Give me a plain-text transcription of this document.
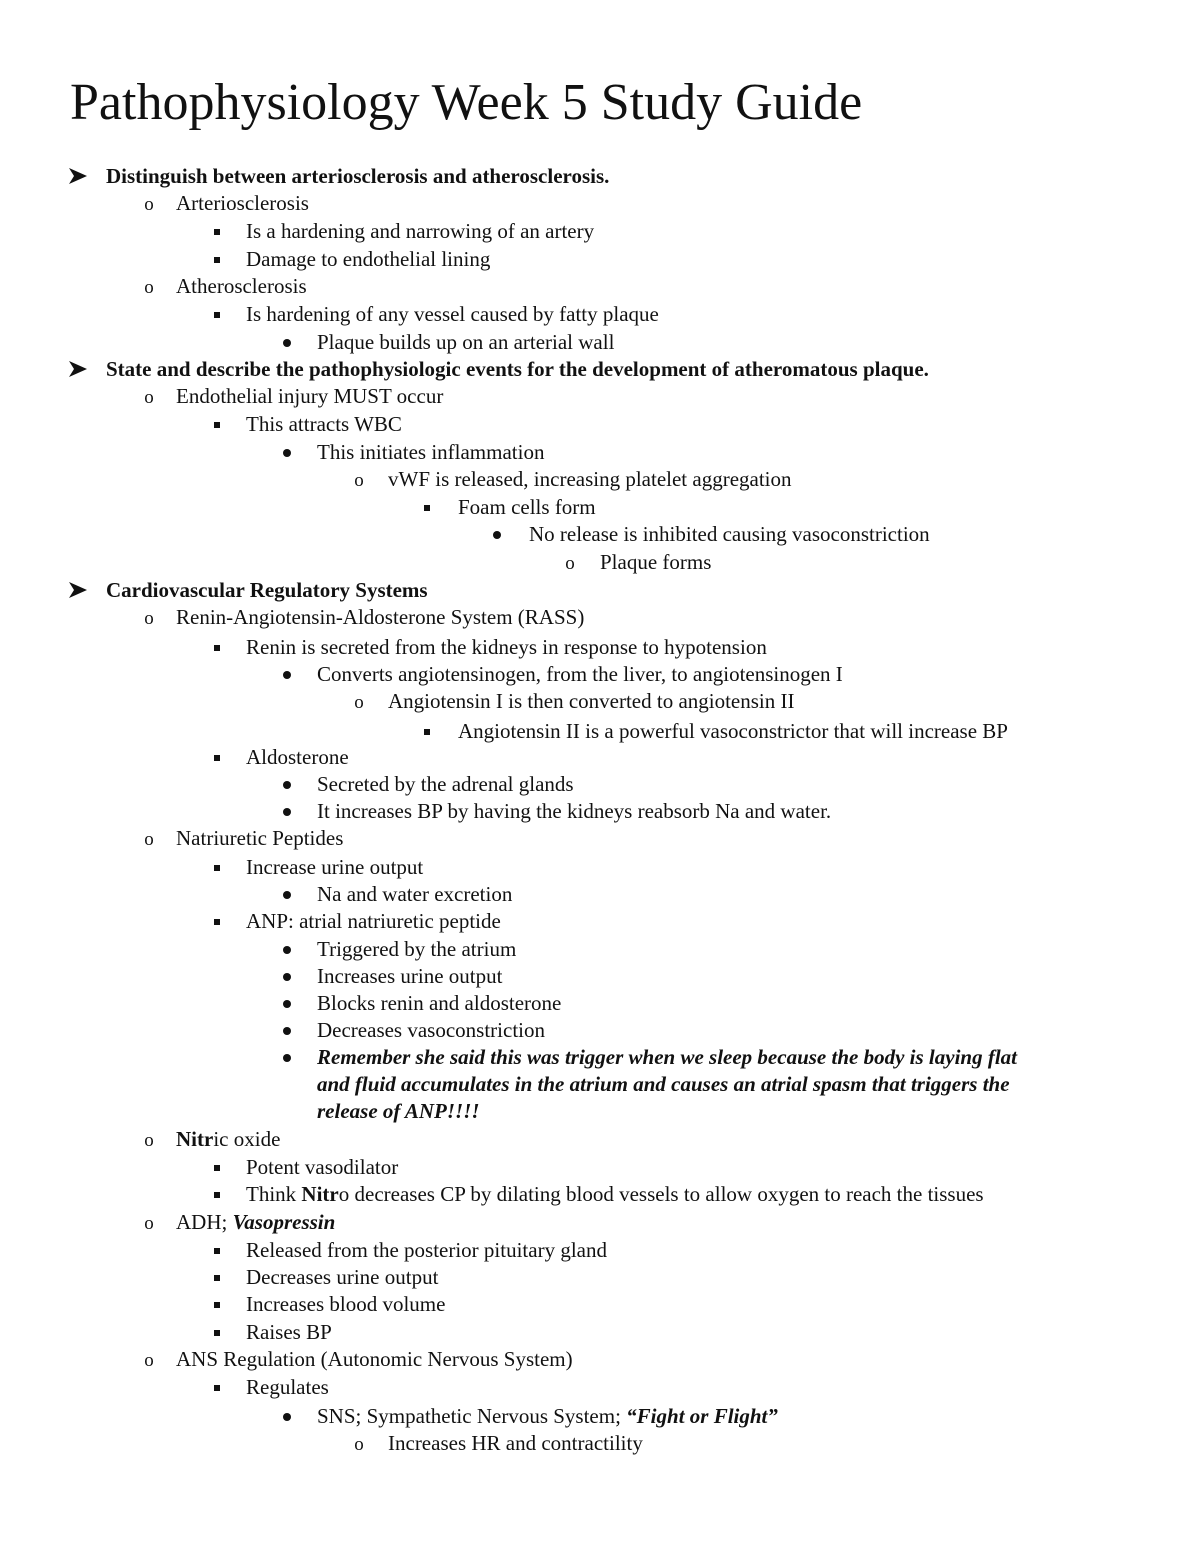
Pathophysiology Week 5 Study Guide
Distinguish between arteriosclerosis and atherosclerosis.
o Arteriosclerosis
Is a hardening and narrowing of an artery
Damage to endothelial lining
o Atherosclerosis
Is hardening of any vessel caused by fatty plaque
Plaque builds up on an arterial wall
State and describe the pathophysiologic events for the development of atheromatous plaque.
o Endothelial injury MUST occur
This attracts WBC
This initiates inflammation
o vWF is released, increasing platelet aggregation
Foam cells form
No release is inhibited causing vasoconstriction
o Plaque forms
Cardiovascular Regulatory Systems
o Renin-Angiotensin-Aldosterone System (RASS)
Renin is secreted from the kidneys in response to hypotension
Converts angiotensinogen, from the liver, to angiotensinogen I
o Angiotensin I is then converted to angiotensin II
Angiotensin II is a powerful vasoconstrictor that will increase BP
Aldosterone
Secreted by the adrenal glands
It increases BP by having the kidneys reabsorb Na and water.
o Natriuretic Peptides
Increase urine output
Na and water excretion
ANP: atrial natriuretic peptide
Triggered by the atrium
Increases urine output
Blocks renin and aldosterone
Decreases vasoconstriction
Remember she said this was trigger when we sleep because the body is laying flat
and fluid accumulates in the atrium and causes an atrial spasm that triggers the
release of ANP!!!!
o Nitric oxide
Potent vasodilator
Think Nitro decreases CP by dilating blood vessels to allow oxygen to reach the tissues
o ADH; Vasopressin
Released from the posterior pituitary gland
Decreases urine output
Increases blood volume
Raises BP
o ANS Regulation (Autonomic Nervous System)
Regulates
SNS; Sympathetic Nervous System; “Fight or Flight”
o Increases HR and contractility
